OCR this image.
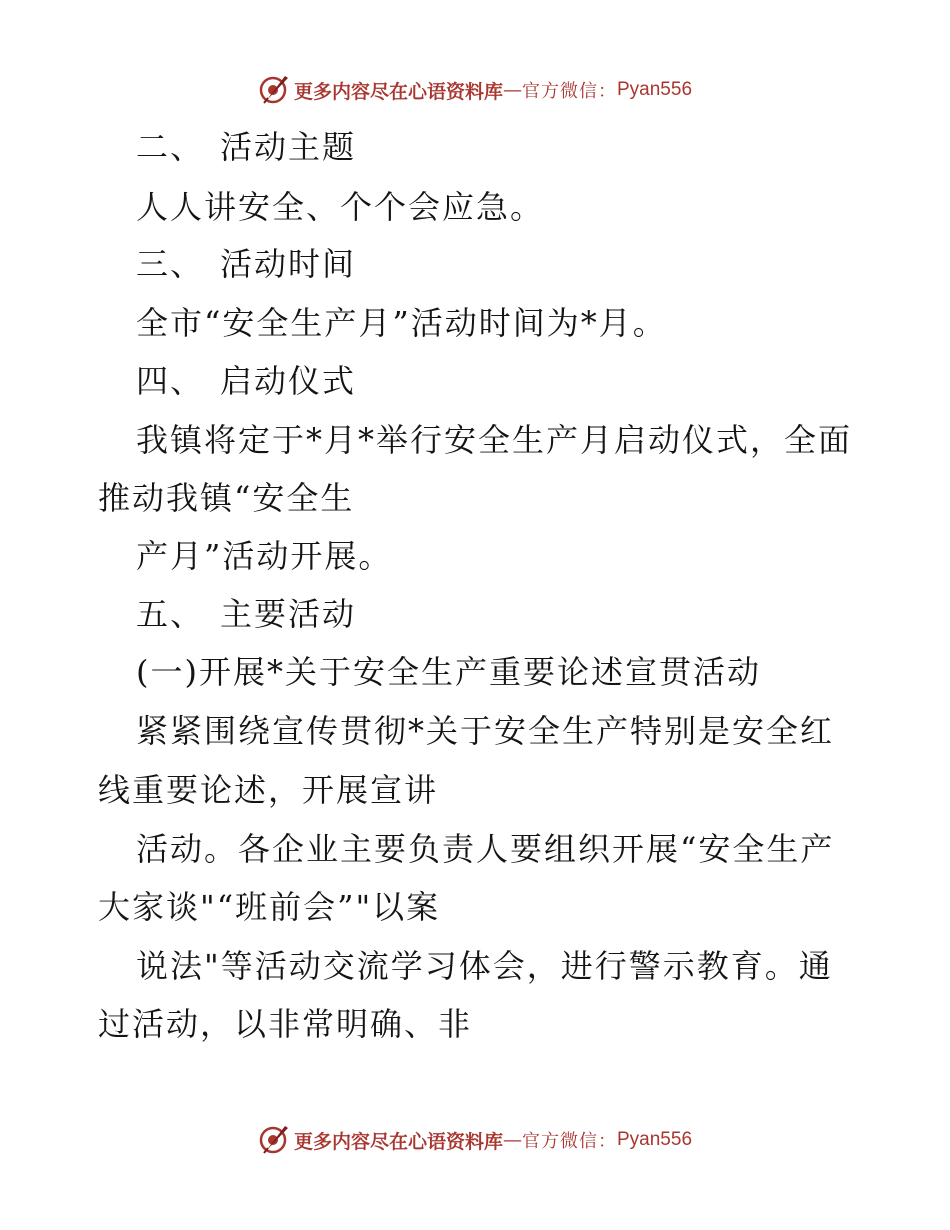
更多内容尽在心语资料库 — 官方微信： Pyan556
二、 活动主题
人人讲安全、个个会应急。
三、 活动时间
全市“安全生产月”活动时间为*月。
四、 启动仪式
我镇将定于*月*举行安全生产月启动仪式，全面
推动我镇“安全生
产月”活动开展。
五、 主要活动
(一)开展*关于安全生产重要论述宣贯活动
紧紧围绕宣传贯彻*关于安全生产特别是安全红
线重要论述，开展宣讲
活动。各企业主要负责人要组织开展“安全生产
大家谈"“班前会”"以案
说法"等活动交流学习体会，进行警示教育。通
过活动，以非常明确、非
更多内容尽在心语资料库 — 官方微信： Pyan556
